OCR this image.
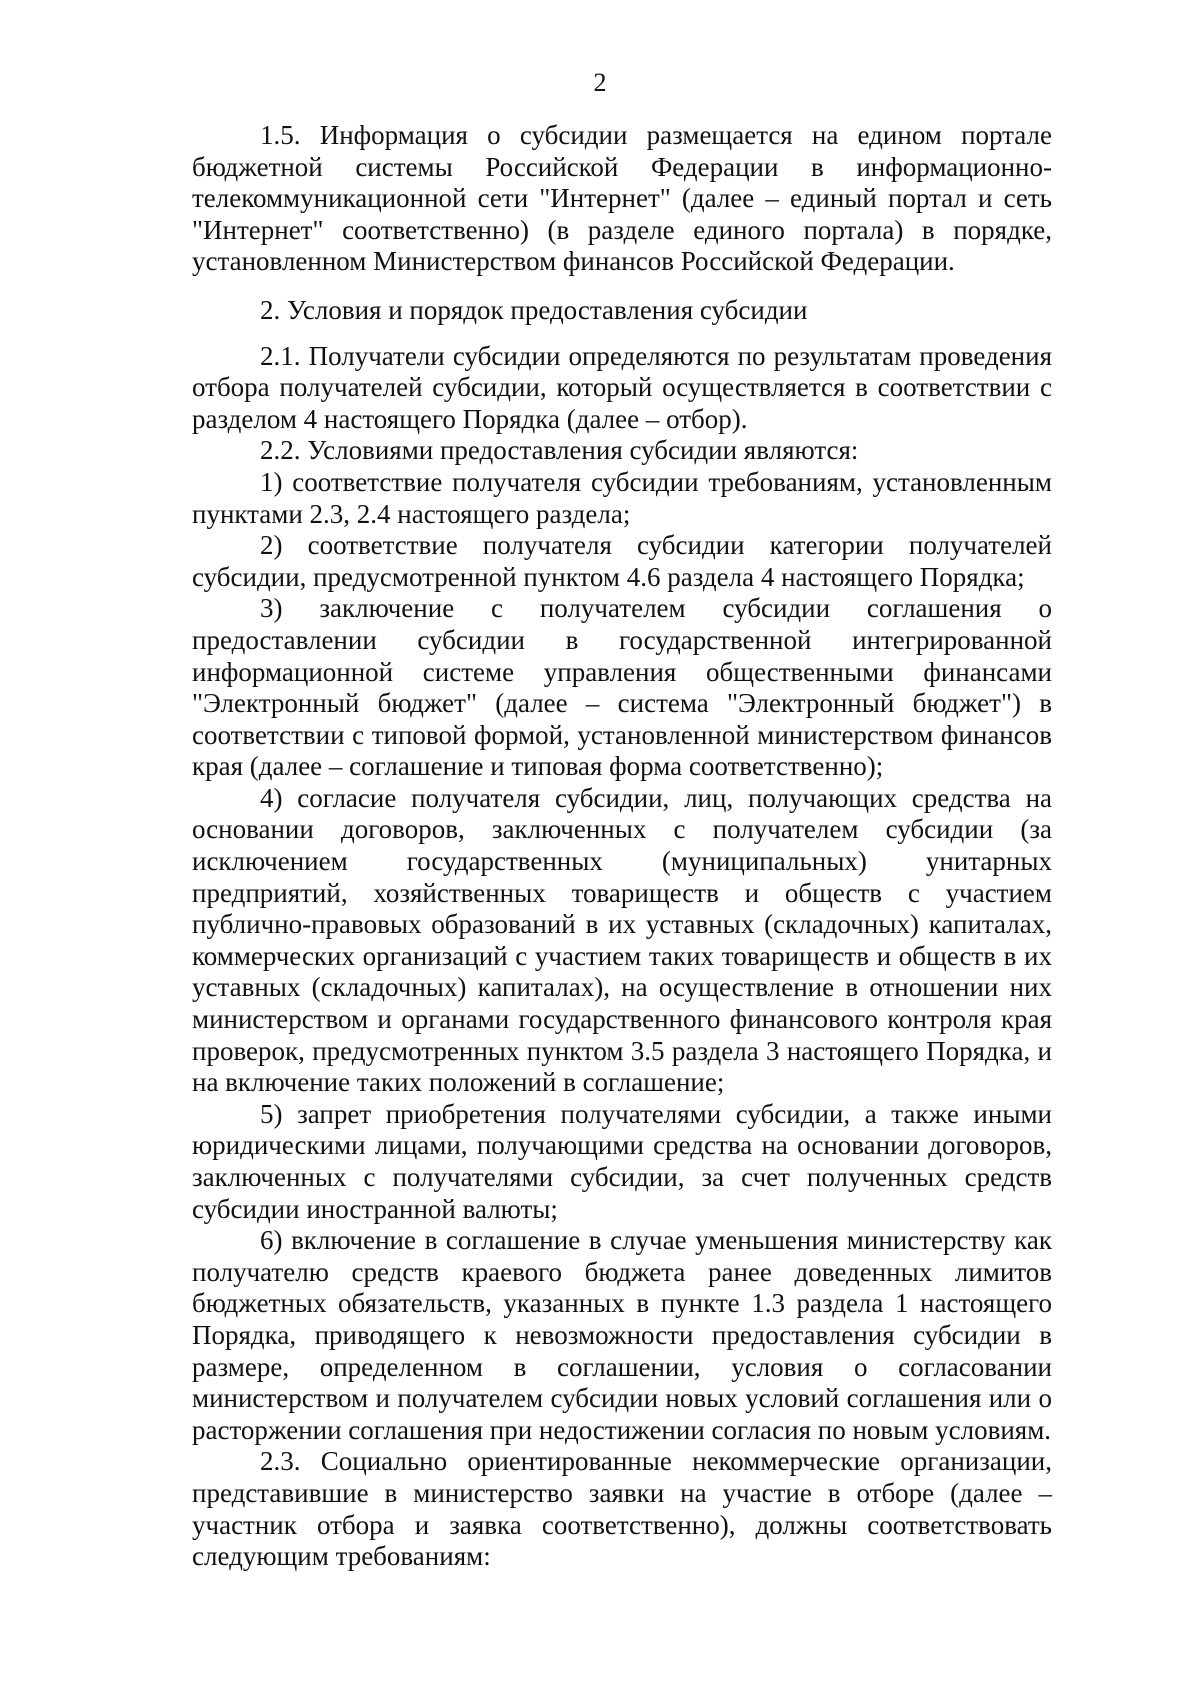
2

1.5. Информация о субсидии размещается на едином портале бюджетной системы Российской Федерации в информационно-телекоммуникационной сети "Интернет" (далее – единый портал и сеть "Интернет" соответственно) (в разделе единого портала) в порядке, установленном Министерством финансов Российской Федерации.

2. Условия и порядок предоставления субсидии

2.1. Получатели субсидии определяются по результатам проведения отбора получателей субсидии, который осуществляется в соответствии с разделом 4 настоящего Порядка (далее – отбор).

2.2. Условиями предоставления субсидии являются:

1) соответствие получателя субсидии требованиям, установленным пунктами 2.3, 2.4 настоящего раздела;

2) соответствие получателя субсидии категории получателей субсидии, предусмотренной пунктом 4.6 раздела 4 настоящего Порядка;

3) заключение с получателем субсидии соглашения о предоставлении субсидии в государственной интегрированной информационной системе управления общественными финансами "Электронный бюджет" (далее – система "Электронный бюджет") в соответствии с типовой формой, установленной министерством финансов края (далее – соглашение и типовая форма соответственно);

4) согласие получателя субсидии, лиц, получающих средства на основании договоров, заключенных с получателем субсидии (за исключением государственных (муниципальных) унитарных предприятий, хозяйственных товариществ и обществ с участием публично-правовых образований в их уставных (складочных) капиталах, коммерческих организаций с участием таких товариществ и обществ в их уставных (складочных) капиталах), на осуществление в отношении них министерством и органами государственного финансового контроля края проверок, предусмотренных пунктом 3.5 раздела 3 настоящего Порядка, и на включение таких положений в соглашение;

5) запрет приобретения получателями субсидии, а также иными юридическими лицами, получающими средства на основании договоров, заключенных с получателями субсидии, за счет полученных средств субсидии иностранной валюты;

6) включение в соглашение в случае уменьшения министерству как получателю средств краевого бюджета ранее доведенных лимитов бюджетных обязательств, указанных в пункте 1.3 раздела 1 настоящего Порядка, приводящего к невозможности предоставления субсидии в размере, определенном в соглашении, условия о согласовании министерством и получателем субсидии новых условий соглашения или о расторжении соглашения при недостижении согласия по новым условиям.

2.3. Социально ориентированные некоммерческие организации, представившие в министерство заявки на участие в отборе (далее – участник отбора и заявка соответственно), должны соответствовать следующим требованиям:
